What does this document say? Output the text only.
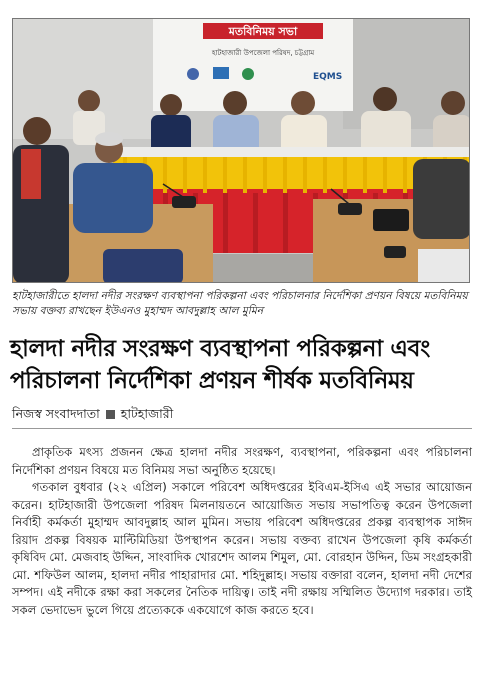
মতবিনিময় সভা
হাটহাজারী উপজেলা পরিষদ, চট্টগ্রাম
EQMS
হাটহাজারীতে হালদা নদীর সংরক্ষণ ব্যবস্থাপনা পরিকল্পনা এবং পরিচালনার নির্দেশিকা প্রণয়ন বিষয়ে মতবিনিময় সভায় বক্তব্য রাখছেন ইউএনও মুহাম্মদ আবদুল্লাহ আল মুমিন
হালদা নদীর সংরক্ষণ ব্যবস্থাপনা পরিকল্পনা এবং পরিচালনা নির্দেশিকা প্রণয়ন শীর্ষক মতবিনিময়
নিজস্ব সংবাদদাতা হাটহাজারী

প্রাকৃতিক মৎস্য প্রজনন ক্ষেত্র হালদা নদীর সংরক্ষণ, ব্যবস্থাপনা, পরিকল্পনা এবং পরিচালনা নির্দেশিকা প্রণয়ন বিষয়ে মত বিনিময় সভা অনুষ্ঠিত হয়েছে।

গতকাল বুধবার (২২ এপ্রিল) সকালে পরিবেশ অধিদপ্তরের ইবিএম-ইসিএ এই সভার আয়োজন করেন। হাটহাজারী উপজেলা পরিষদ মিলনায়তনে আয়োজিত সভায় সভাপতিত্ব করেন উপজেলা নির্বাহী কর্মকর্তা মুহাম্মদ আবদুল্লাহ আল মুমিন। সভায় পরিবেশ অধিদপ্তরের প্রকল্প ব্যবস্থাপক সাঈদ রিয়াদ প্রকল্প বিষয়ক মাল্টিমিডিয়া উপস্থাপন করেন। সভায় বক্তব্য রাখেন উপজেলা কৃষি কর্মকর্তা কৃষিবিদ মো. মেজবাহ উদ্দিন, সাংবাদিক খোরশেদ আলম শিমুল, মো. বোরহান উদ্দিন, ডিম সংগ্রহকারী মো. শফিউল আলম, হালদা নদীর পাহারাদার মো. শহিদুল্লাহ। সভায় বক্তারা বলেন, হালদা নদী দেশের সম্পদ। এই নদীকে রক্ষা করা সকলের নৈতিক দায়িত্ব। তাই নদী রক্ষায় সম্মিলিত উদ্যোগ দরকার। তাই সকল ভেদাভেদ ভুলে গিয়ে প্রত্যেককে একযোগে কাজ করতে হবে।
